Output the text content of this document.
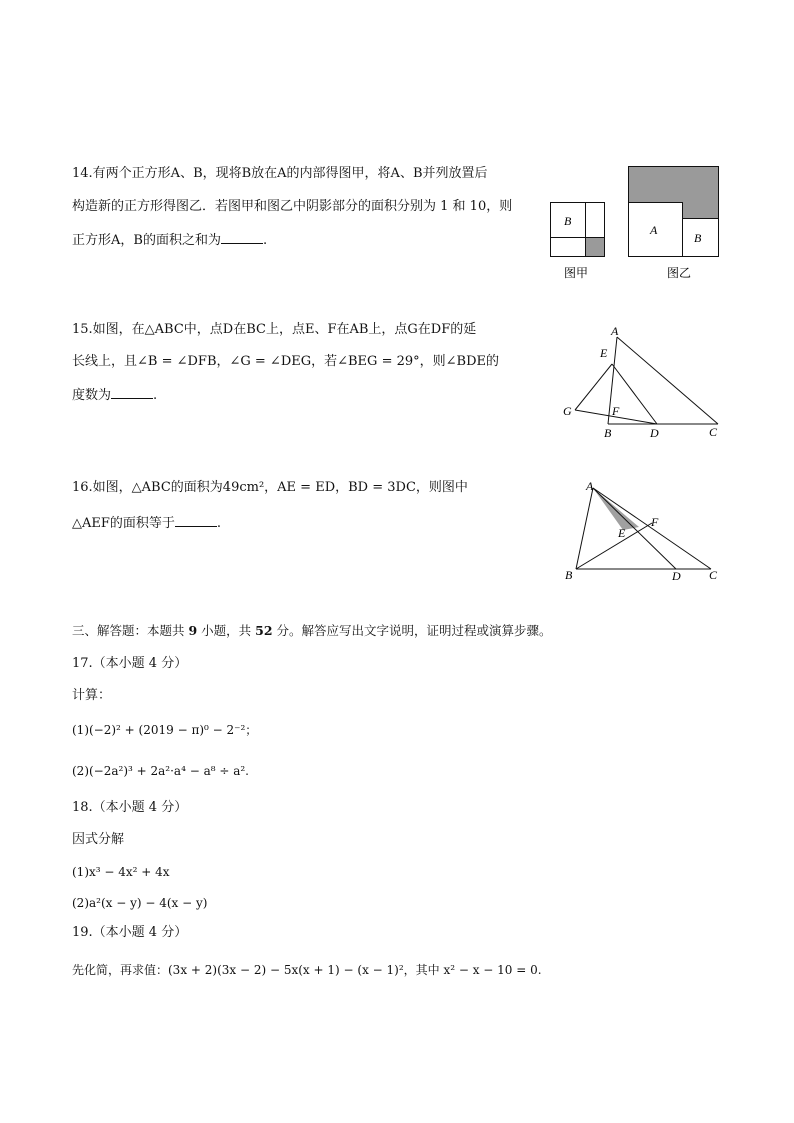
14.有两个正方形A、B，现将B放在A的内部得图甲，将A、B并列放置后
构造新的正方形得图乙．若图甲和图乙中阴影部分的面积分别为 1 和 10，则
正方形A，B的面积之和为	.
B
图甲
A
B
图乙
15.如图，在△ABC中，点D在BC上，点E、F在AB上，点G在DF的延
长线上，且∠B = ∠DFB，∠G = ∠DEG，若∠BEG = 29°，则∠BDE的
度数为	.
A
E
G	F
B	D	C
16.如图，△ABC的面积为49cm²，AE = ED，BD = 3DC，则图中
△AEF的面积等于	.
A
F
E
B	D C
三、解答题：本题共 9 小题，共 52 分。解答应写出文字说明，证明过程或演算步骤。
17.（本小题 4 分）
计算：
(1)(−2)² + (2019 − π)⁰ − 2⁻²；
(2)(−2a²)³ + 2a²·a⁴ − a⁸ ÷ a².
18.（本小题 4 分）
因式分解
(1)x³ − 4x² + 4x
(2)a²(x − y) − 4(x − y)
19.（本小题 4 分）
先化简，再求值：(3x + 2)(3x − 2) − 5x(x + 1) − (x − 1)²，其中 x² − x − 10 = 0.
